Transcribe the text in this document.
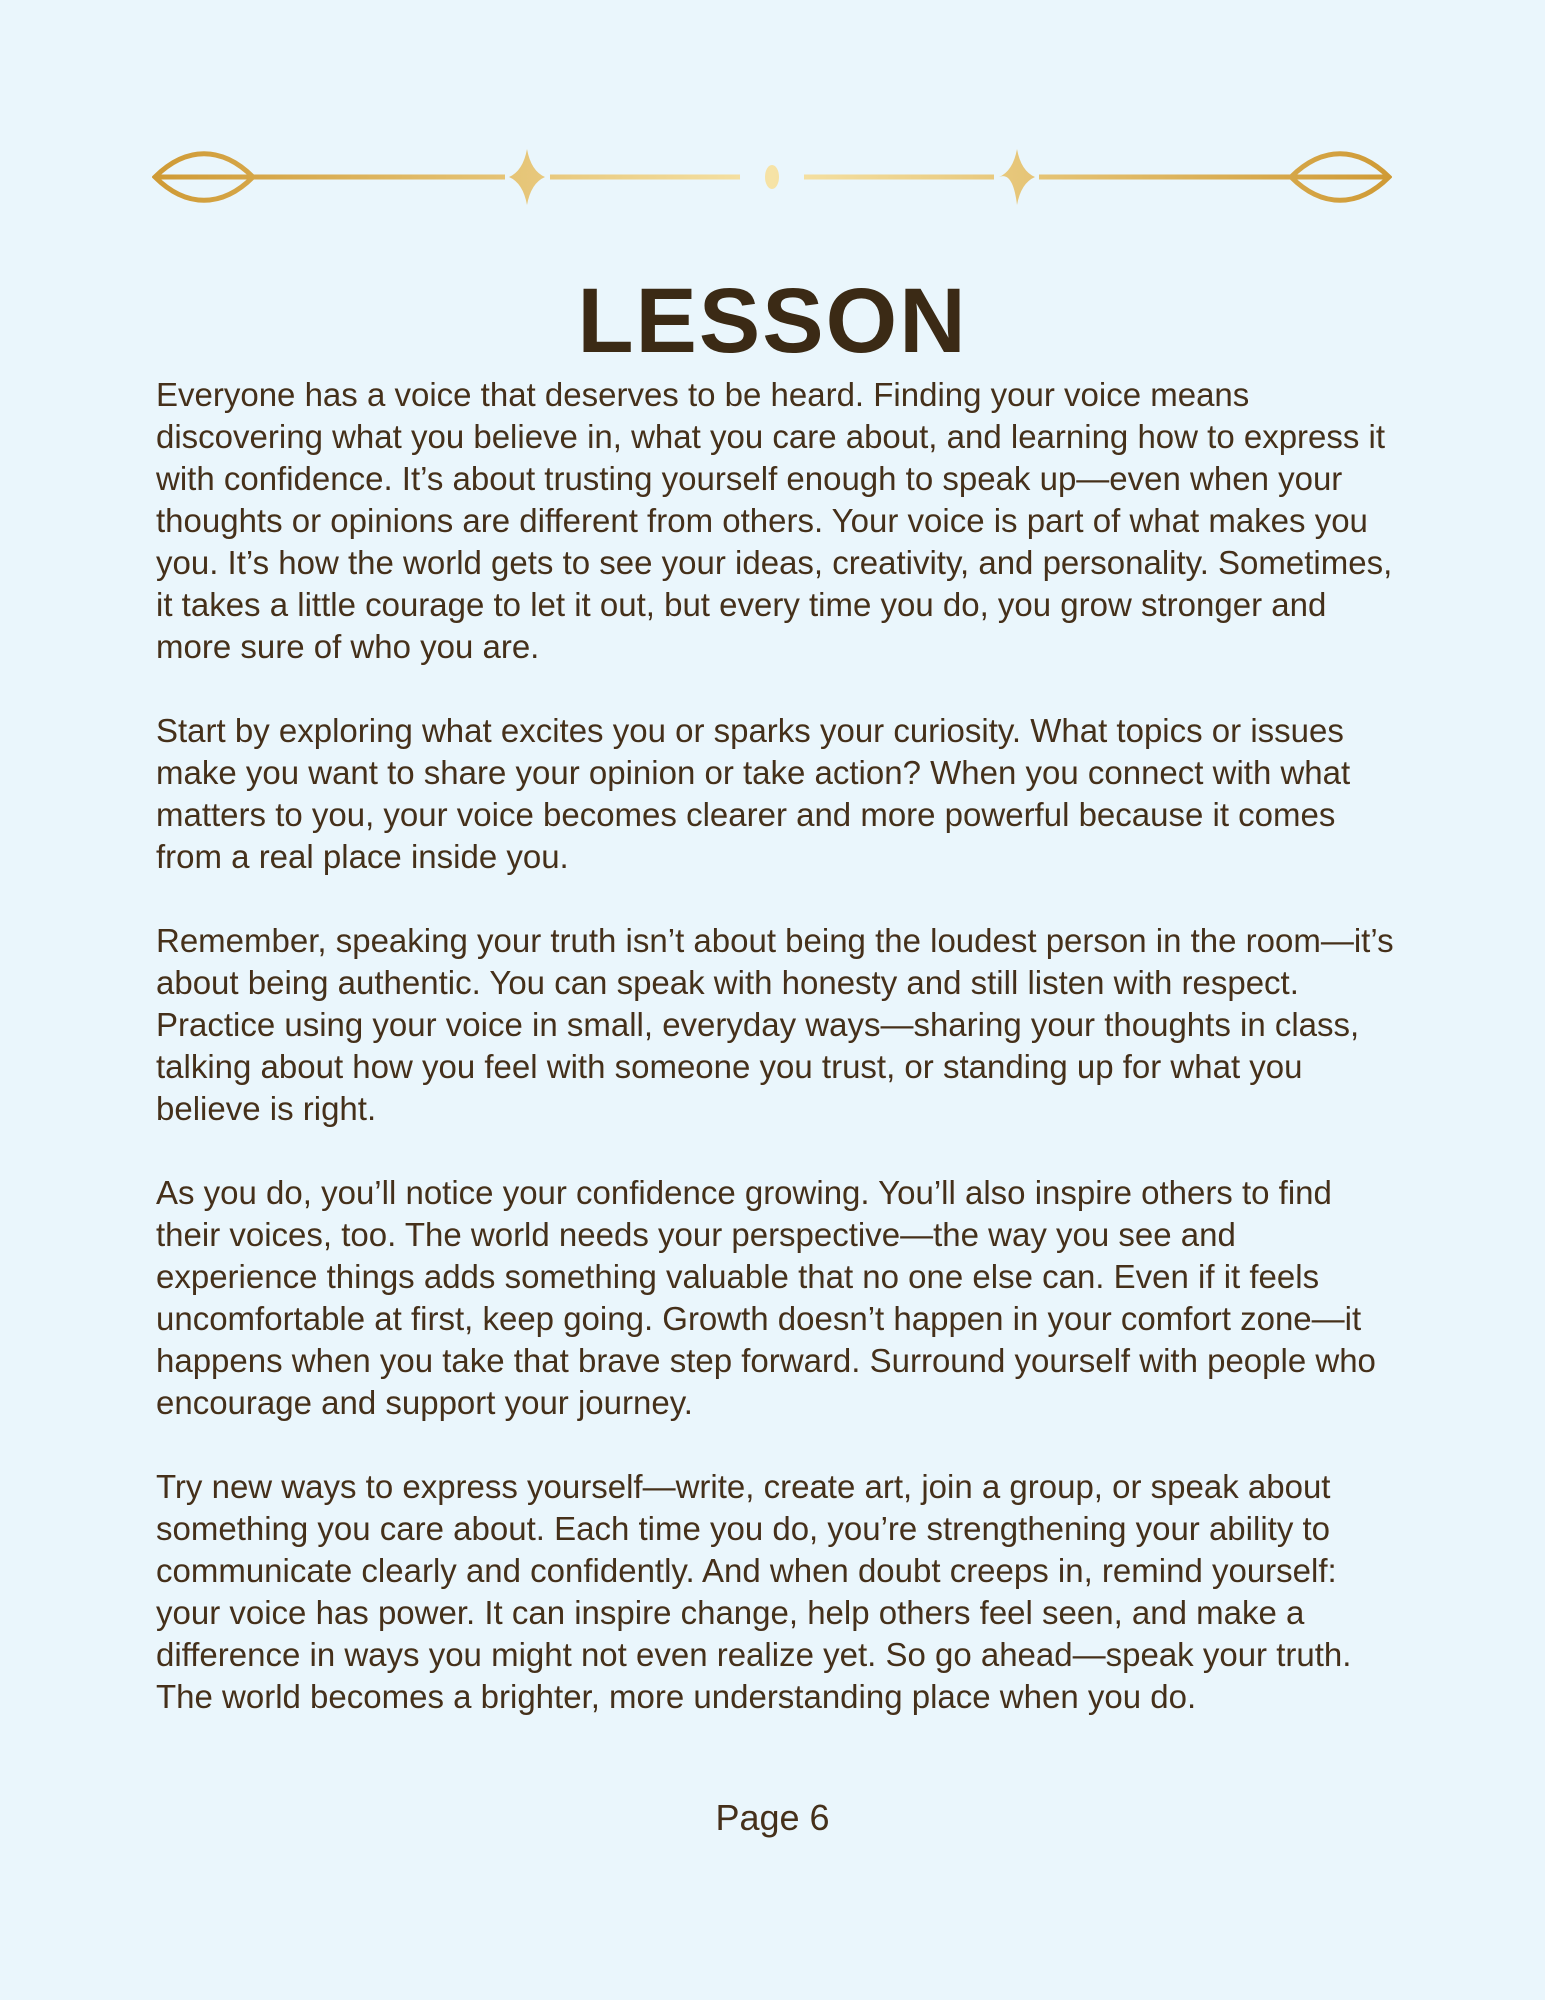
LESSON

Everyone has a voice that deserves to be heard. Finding your voice means discovering what you believe in, what you care about, and learning how to express it with confidence. It’s about trusting yourself enough to speak up—even when your thoughts or opinions are different from others. Your voice is part of what makes you you. It’s how the world gets to see your ideas, creativity, and personality. Sometimes, it takes a little courage to let it out, but every time you do, you grow stronger and more sure of who you are.

Start by exploring what excites you or sparks your curiosity. What topics or issues make you want to share your opinion or take action? When you connect with what matters to you, your voice becomes clearer and more powerful because it comes from a real place inside you.

Remember, speaking your truth isn’t about being the loudest person in the room—it’s about being authentic. You can speak with honesty and still listen with respect. Practice using your voice in small, everyday ways—sharing your thoughts in class, talking about how you feel with someone you trust, or standing up for what you believe is right.

As you do, you’ll notice your confidence growing. You’ll also inspire others to find their voices, too. The world needs your perspective—the way you see and experience things adds something valuable that no one else can. Even if it feels uncomfortable at first, keep going. Growth doesn’t happen in your comfort zone—it happens when you take that brave step forward. Surround yourself with people who encourage and support your journey.

Try new ways to express yourself—write, create art, join a group, or speak about something you care about. Each time you do, you’re strengthening your ability to communicate clearly and confidently. And when doubt creeps in, remind yourself: your voice has power. It can inspire change, help others feel seen, and make a difference in ways you might not even realize yet. So go ahead—speak your truth. The world becomes a brighter, more understanding place when you do.

Page 6
